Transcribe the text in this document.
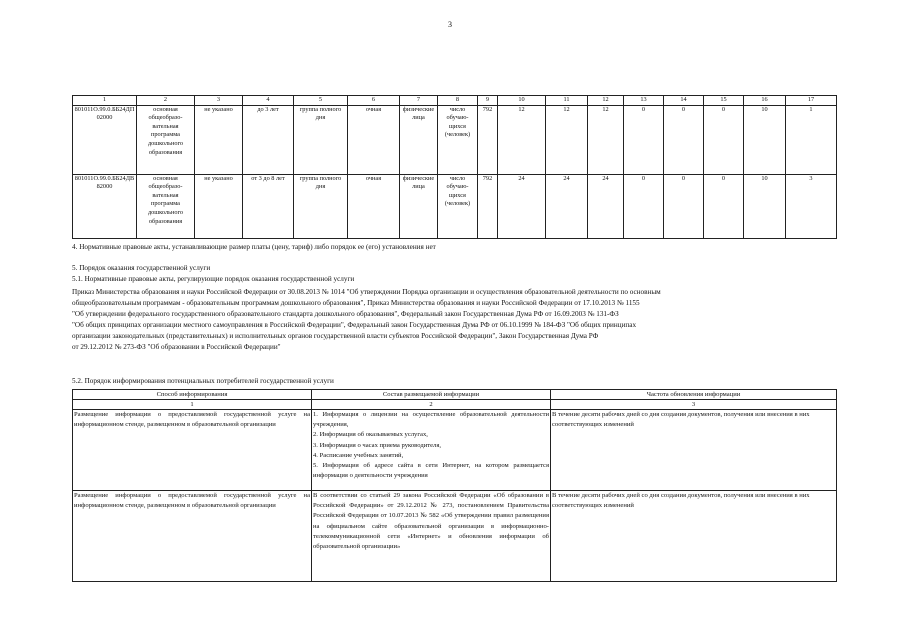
3
1	2	3	4	5	6	7	8	9	10	11	12	13	14	15	16	17
801011О.99.0.ББ24ДП02000	основная общеобразо-вательная программа дошкольного образования	не указано	до 3 лет	группа полного дня	очная	физические лица	число обучаю-щихся (человек)	792	12	12	12	0	0	0	10	1
801011О.99.0.ББ24ДВ82000	основная общеобразо-вательная программа дошкольного образования	не указано	от 3 до 8 лет	группа полного дня	очная	физические лица	число обучаю-щихся (человек)	792	24	24	24	0	0	0	10	3
4. Нормативные правовые акты, устанавливающие размер платы (цену, тариф) либо порядок ее (его) установления нет
5. Порядок оказания государственной услуги
5.1. Нормативные правовые акты, регулирующие порядок оказания государственной услуги
Приказ Министерства образования и науки Российской Федерации от 30.08.2013 № 1014 "Об утверждении Порядка организации и осуществления образовательной деятельности по основным
общеобразовательным программам - образовательным программам дошкольного образования", Приказ Министерства образования и науки Российской Федерации от 17.10.2013 № 1155
"Об утверждении федерального государственного образовательного стандарта дошкольного образования", Федеральный закон Государственная Дума РФ от 16.09.2003 № 131-ФЗ
"Об общих принципах организации местного самоуправления в Российской Федерации", Федеральный закон Государственная Дума РФ от 06.10.1999 № 184-ФЗ "Об общих принципах
организации законодательных (представительных) и исполнительных органов государственной власти субъектов Российской Федерации", Закон Государственная Дума РФ
от 29.12.2012 № 273-ФЗ "Об образовании в Российской Федерации"
5.2. Порядок информирования потенциальных потребителей государственной услуги
Способ информирования	Состав размещаемой информации	Частота обновления информации
1	2	3
Размещение информации о предоставляемой государственной услуге на информационном стенде, размещенном в образовательной организации	1. Информация о лицензии на осуществление образовательной деятельности учреждения,
2. Информация об оказываемых услугах,
3. Информация о часах приема руководителя,
4. Расписание учебных занятий,
5. Информация об адресе сайта в сети Интернет, на котором размещается информация о деятельности учреждения	В течение десяти рабочих дней со дня создания документов, получения или внесения в них соответствующих изменений
Размещение информации о предоставляемой государственной услуге на информационном стенде, размещенном в образовательной организации	В соответствии со статьей 29 закона Российской Федерации «Об образовании в Российской Федерации» от 29.12.2012 № 273, постановлением Правительства Российской Федерации от 10.07.2013 № 582 «Об утверждении правил размещения на официальном сайте образовательной организации в информационно-телекоммуникационной сети «Интернет» и обновления информации об образовательной организации»	В течение десяти рабочих дней со дня создания документов, получения или внесения в них соответствующих изменений
